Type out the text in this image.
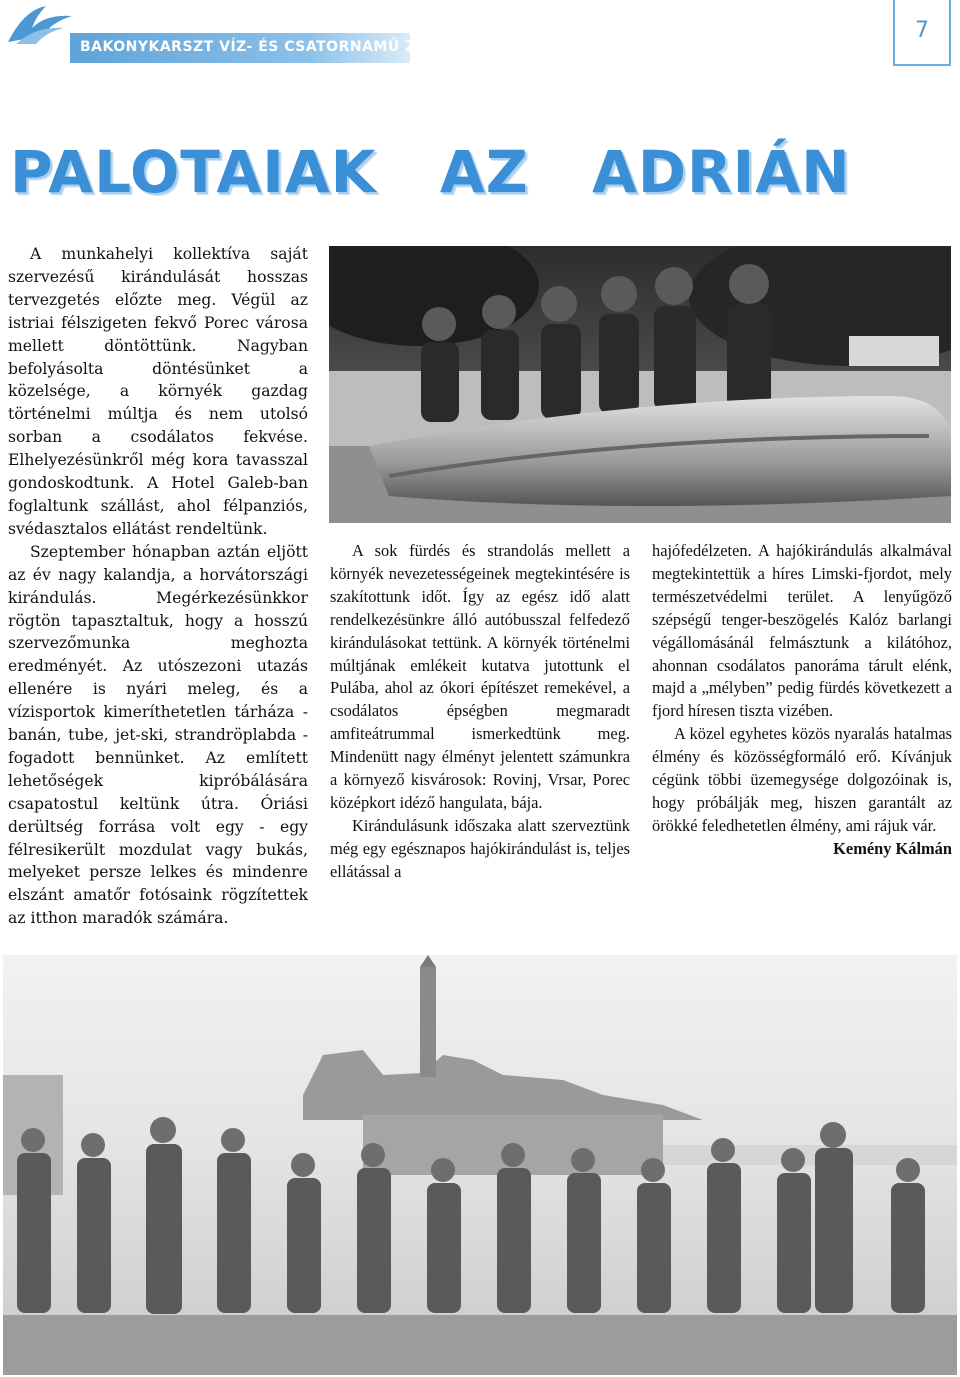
BAKONYKARSZT VÍZ- ÉS CSATORNAMŰ ZRT.
7
PALOTAIAK AZ ADRIÁN

A munkahelyi kollektíva saját szervezésű kirándulását hosszas tervezgetés előzte meg. Végül az istriai félszigeten fekvő Porec városa mellett döntöttünk. Nagyban befolyásolta döntésünket a közelsége, a környék gazdag történelmi múltja és nem utolsó sorban a csodálatos fekvése. Elhelyezésünkről még kora tavasszal gondoskodtunk. A Hotel Galeb-ban foglaltunk szállást, ahol félpanziós, svédasztalos ellátást rendeltünk.

Szeptember hónapban aztán eljött az év nagy kalandja, a horvátországi kirándulás. Megérkezésünkkor rögtön tapasztaltuk, hogy a hosszú szervezőmunka meghozta eredményét. Az utószezoni utazás ellenére is nyári meleg, és a vízisportok kimeríthetetlen tárháza - banán, tube, jet-ski, strandröplabda - fogadott bennünket. Az említett lehetőségek kipróbálására csapatostul keltünk útra. Óriási derültség forrása volt egy - egy félresikerült mozdulat vagy bukás, melyeket persze lelkes és mindenre elszánt amatőr fotósaink rögzítettek az itthon maradók számára.

A sok fürdés és strandolás mellett a környék nevezetességeinek megtekintésére is szakítottunk időt. Így az egész idő alatt rendelkezésünkre álló autóbusszal felfedező kirándulásokat tettünk. A környék történelmi múltjának emlékeit kutatva jutottunk el Pulába, ahol az ókori építészet remekével, a csodálatos épségben megmaradt amfiteátrummal ismerkedtünk meg. Mindenütt nagy élményt jelentett számunkra a környező kisvárosok: Rovinj, Vrsar, Porec középkort idéző hangulata, bája.

Kirándulásunk időszaka alatt szerveztünk még egy egésznapos hajókirándulást is, teljes ellátással a

hajófedélzeten. A hajókirándulás alkalmával megtekintettük a híres Limski-fjordot, mely természetvédelmi terület. A lenyűgöző szépségű tenger-beszögelés Kalóz barlangi végállomásánál felmásztunk a kilátóhoz, ahonnan csodálatos panoráma tárult elénk, majd a „mélyben” pedig fürdés következett a fjord híresen tiszta vizében.

A közel egyhetes közös nyaralás hatalmas élmény és közösségformáló erő. Kívánjuk cégünk többi üzemegysége dolgozóinak is, hogy próbálják meg, hiszen garantált az örökké feledhetetlen élmény, ami rájuk vár.

Kemény Kálmán
